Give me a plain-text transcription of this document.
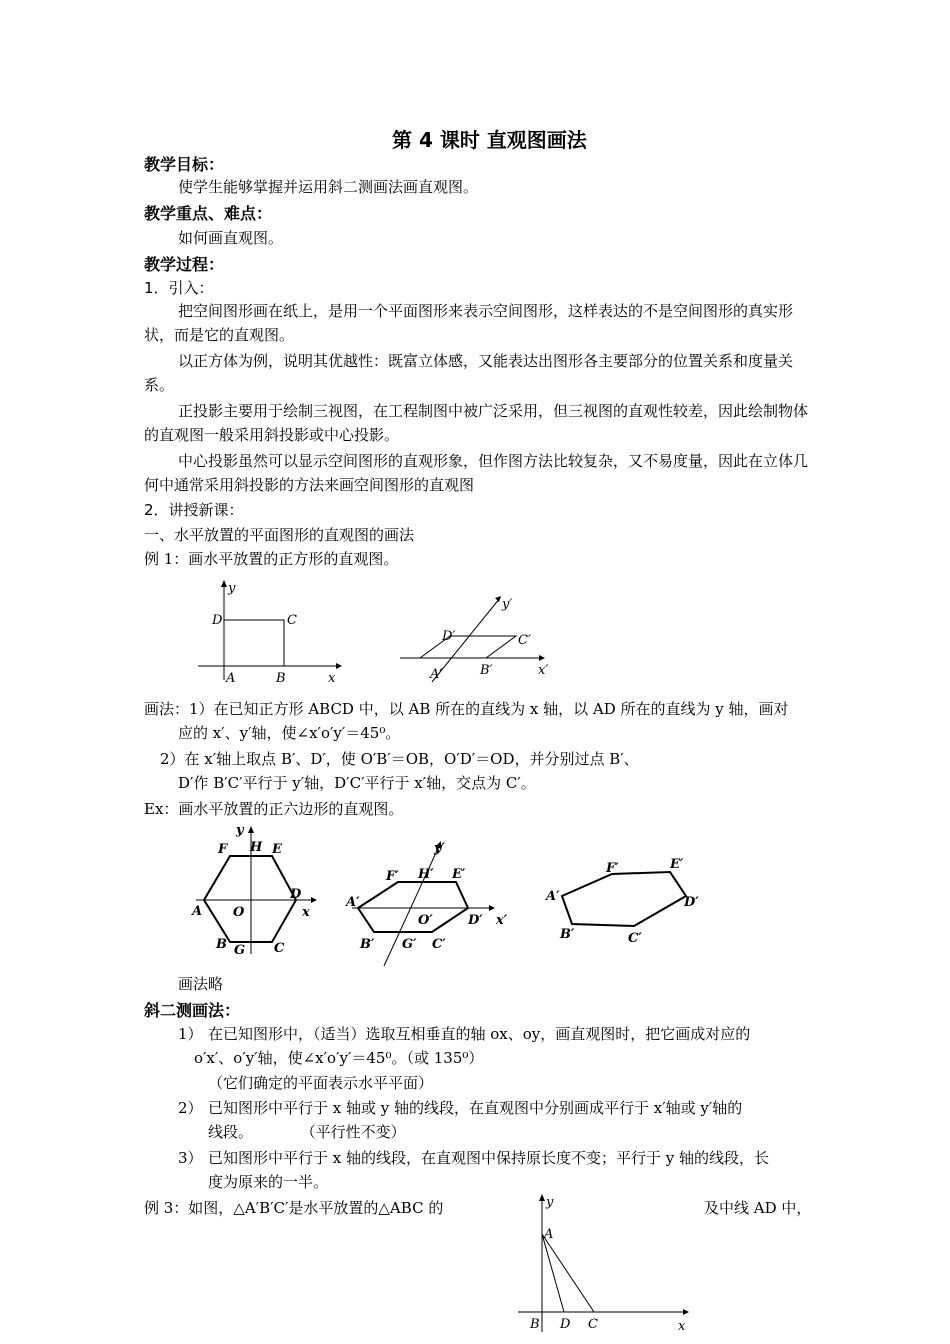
第 4 课时 直观图画法
教学目标：
使学生能够掌握并运用斜二测画法画直观图。
教学重点、难点：
如何画直观图。
教学过程：
1．引入：
把空间图形画在纸上，是用一个平面图形来表示空间图形，这样表达的不是空间图形的真实形状，而是它的直观图。
以正方体为例，说明其优越性：既富立体感，又能表达出图形各主要部分的位置关系和度量关系。
正投影主要用于绘制三视图，在工程制图中被广泛采用，但三视图的直观性较差，因此绘制物体的直观图一般采用斜投影或中心投影。
中心投影虽然可以显示空间图形的直观形象，但作图方法比较复杂，又不易度量，因此在立体几何中通常采用斜投影的方法来画空间图形的直观图
2．讲授新课：
一、水平放置的平面图形的直观图的画法
例 1：画水平放置的正方形的直观图。
y
x
D	C
A	B
y′
x′
D′	C′
A′	B′
画法：1）在已知正方形 ABCD 中，以 AB 所在的直线为 x 轴，以 AD 所在的直线为 y 轴，画对
应的 x′、y′轴，使∠x′o′y′＝45⁰。
2）在 x′轴上取点 B′、D′，使 O′B′＝OB，O′D′＝OD，并分别过点 B′、
D′作 B′C′平行于 y′轴，D′C′平行于 x′轴，交点为 C′。
Ex：画水平放置的正六边形的直观图。
y
x
F H E
A O
D
B G C
y′
x′
F′ H′ E′
A′
O′	D′
B′ G′ C′
A′
F′	E′
D′
C′
B′
画法略
斜二测画法：
1） 在已知图形中，（适当）选取互相垂直的轴 ox、oy，画直观图时，把它画成对应的
o′x′、o′y′轴，使∠x′o′y′＝45⁰。（或 135⁰）
（它们确定的平面表示水平平面）
2） 已知图形中平行于 x 轴或 y 轴的线段，在直观图中分别画成平行于 x′轴或 y′轴的
线段。          （平行性不变）
3） 已知图形中平行于 x 轴的线段，在直观图中保持原长度不变；平行于 y 轴的线段，长
度为原来的一半。
例 3：如图，△A′B′C′是水平放置的△ABC 的	及中线 AD 中，
y
A
B D C	x
